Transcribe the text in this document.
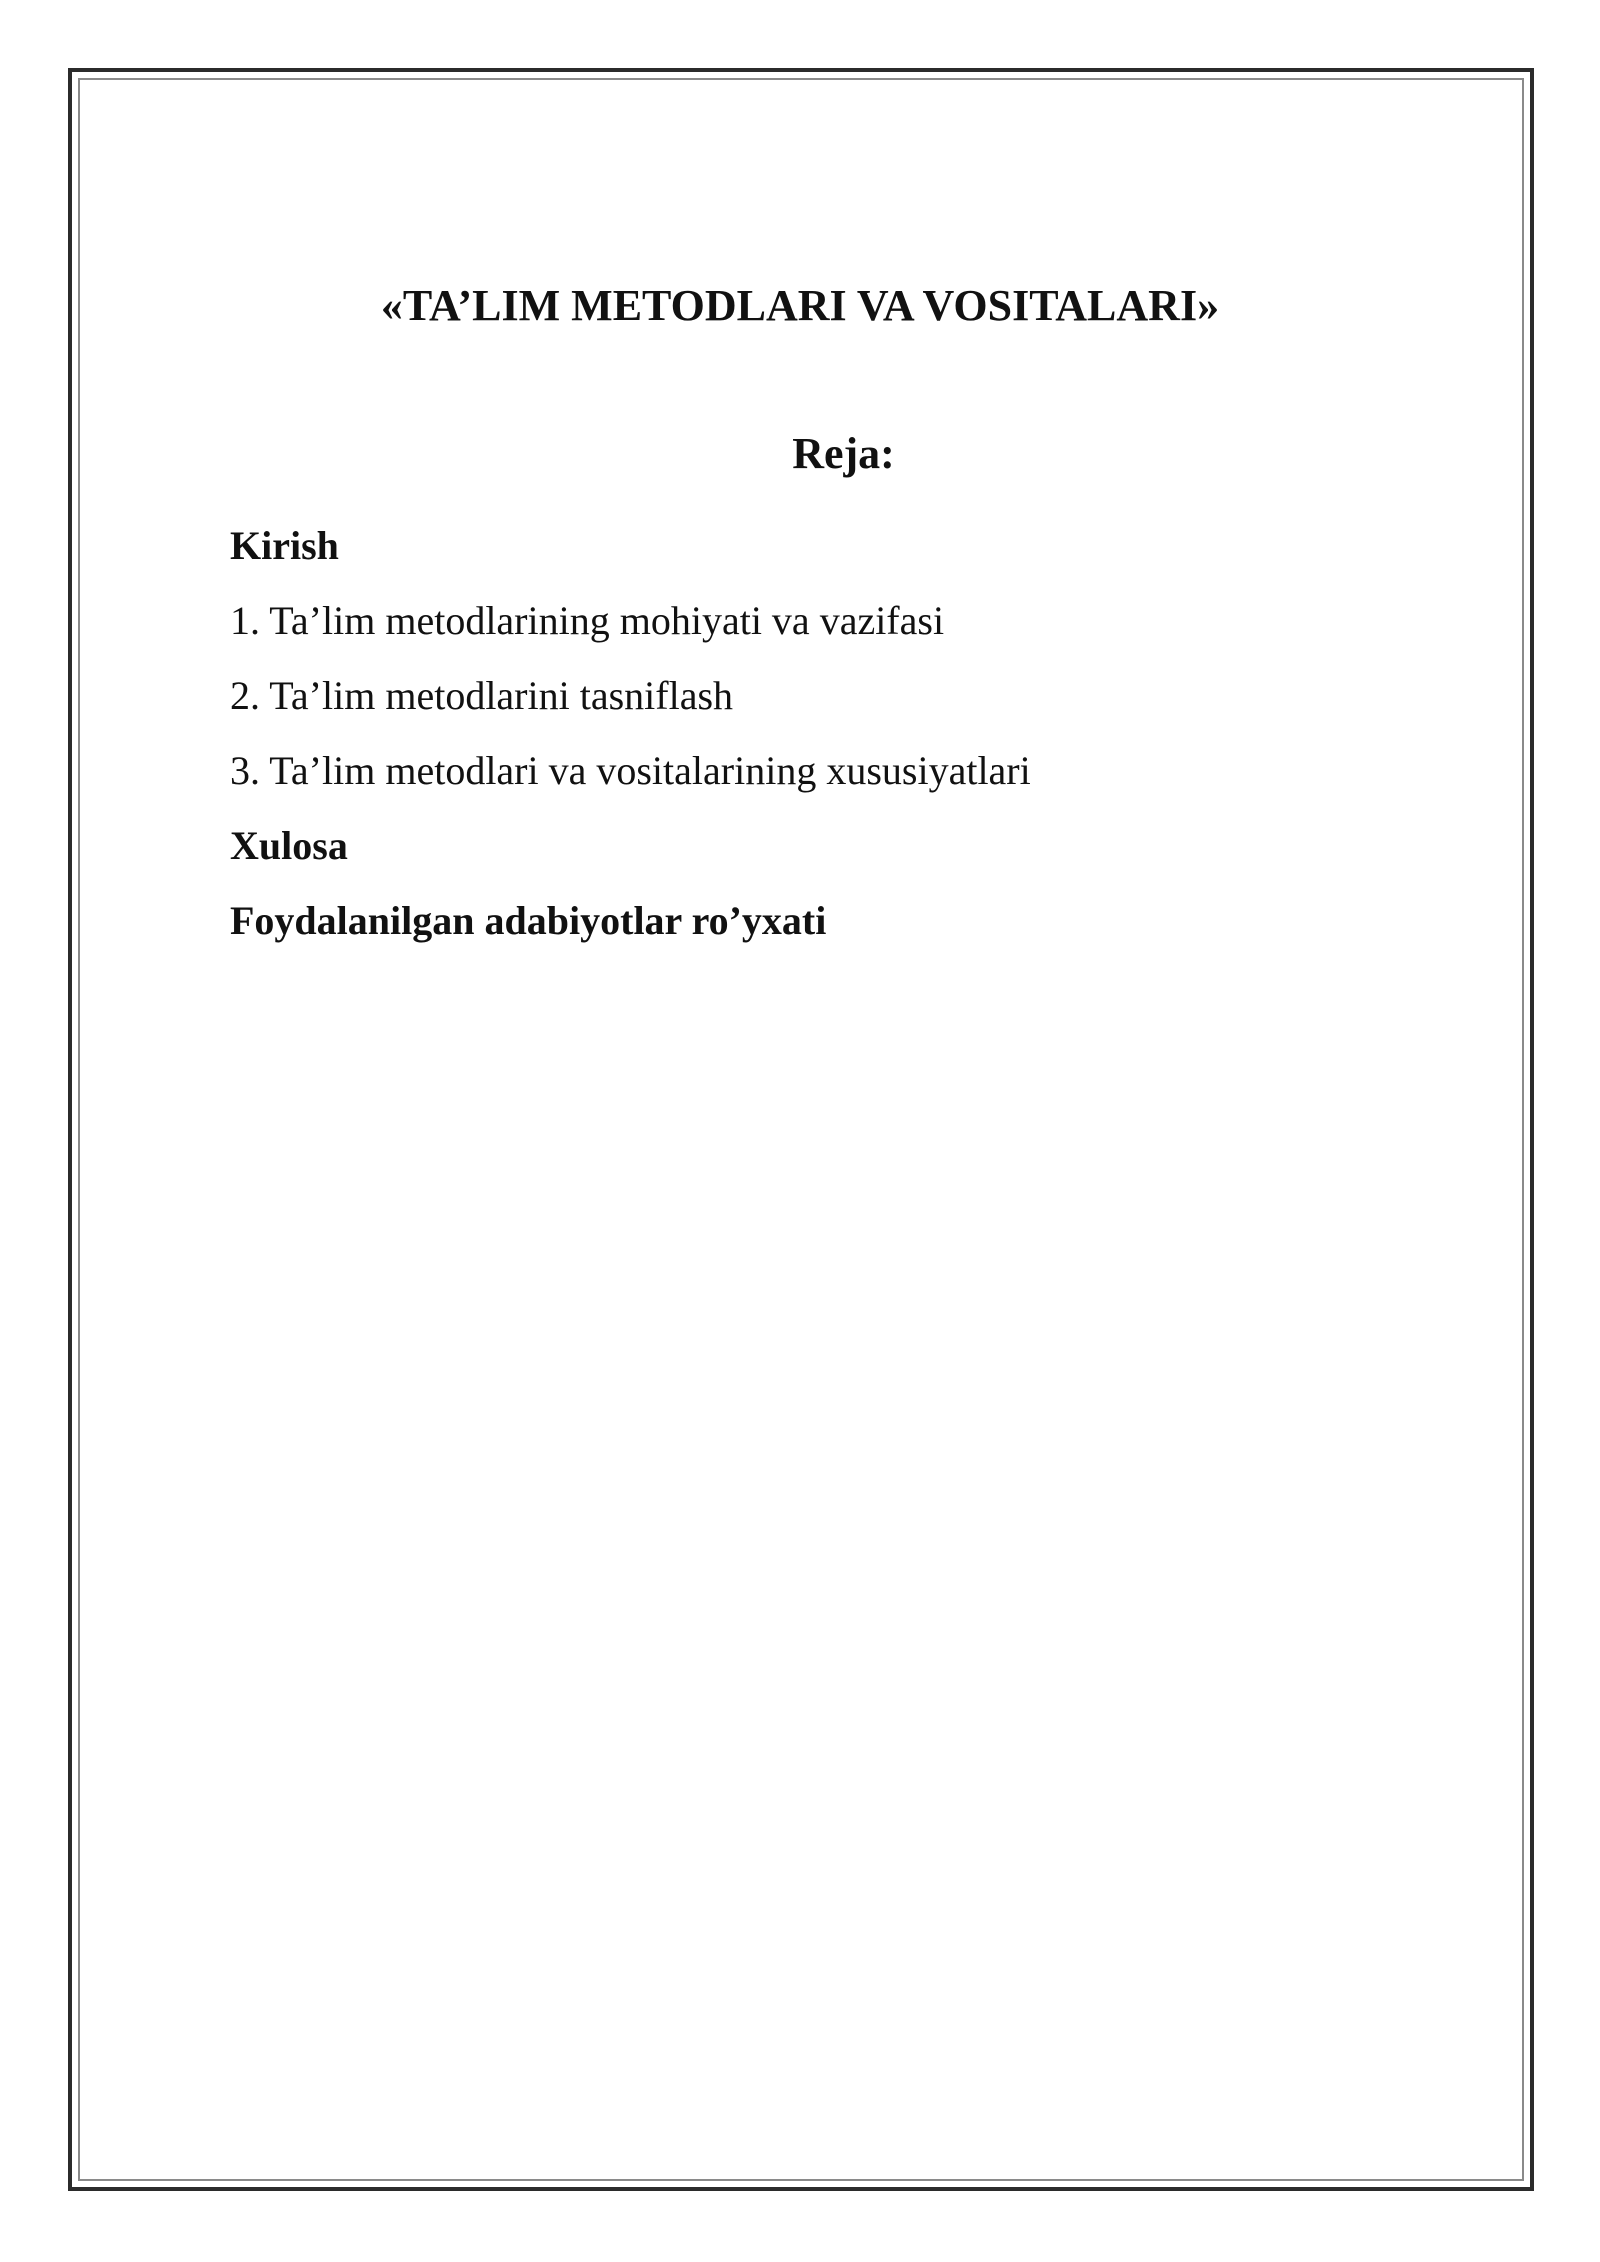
«TA’LIM METODLARI VA VOSITALARI»
Reja:
Kirish
1. Ta’lim metodlarining mohiyati va vazifasi
2. Ta’lim metodlarini tasniflash
3. Ta’lim metodlari va vositalarining xususiyatlari
Xulosa
Foydalanilgan adabiyotlar ro’yxati
